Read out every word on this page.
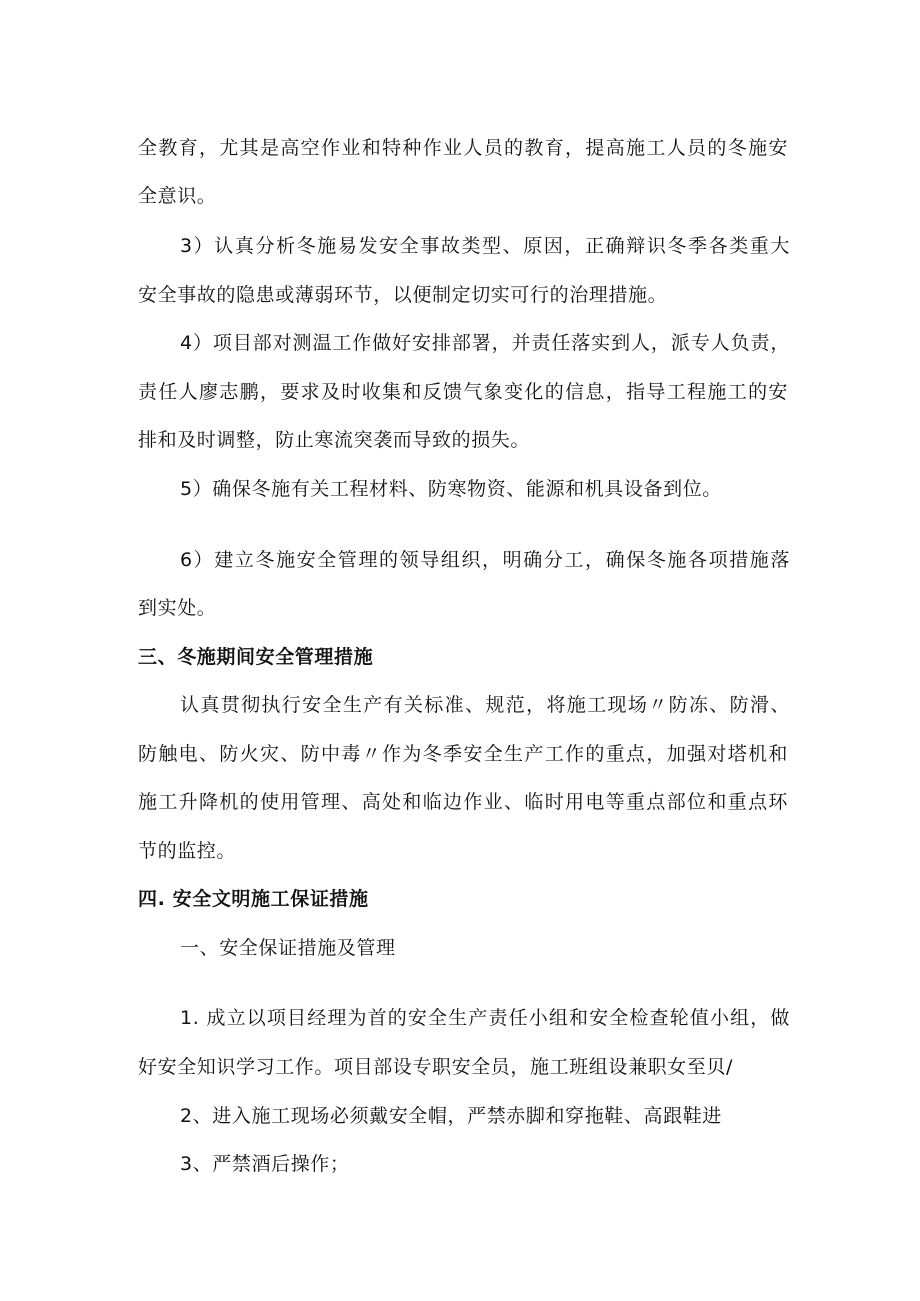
全教育，尤其是高空作业和特种作业人员的教育，提高施工人员的冬施安
全意识。
3）认真分析冬施易发安全事故类型、原因，正确辩识冬季各类重大
安全事故的隐患或薄弱环节，以便制定切实可行的治理措施。
4）项目部对测温工作做好安排部署，并责任落实到人，派专人负责，
责任人廖志鹏，要求及时收集和反馈气象变化的信息，指导工程施工的安
排和及时调整，防止寒流突袭而导致的损失。
5）确保冬施有关工程材料、防寒物资、能源和机具设备到位。
6）建立冬施安全管理的领导组织，明确分工，确保冬施各项措施落
到实处。
三、冬施期间安全管理措施
认真贯彻执行安全生产有关标准、规范，将施工现场〃防冻、防滑、
防触电、防火灾、防中毒〃作为冬季安全生产工作的重点，加强对塔机和
施工升降机的使用管理、高处和临边作业、临时用电等重点部位和重点环
节的监控。
四. 安全文明施工保证措施
一、安全保证措施及管理
1. 成立以项目经理为首的安全生产责任小组和安全检查轮值小组，做
好安全知识学习工作。项目部设专职安全员，施工班组设兼职女至贝/
2、进入施工现场必须戴安全帽，严禁赤脚和穿拖鞋、高跟鞋进
3、严禁酒后操作；
